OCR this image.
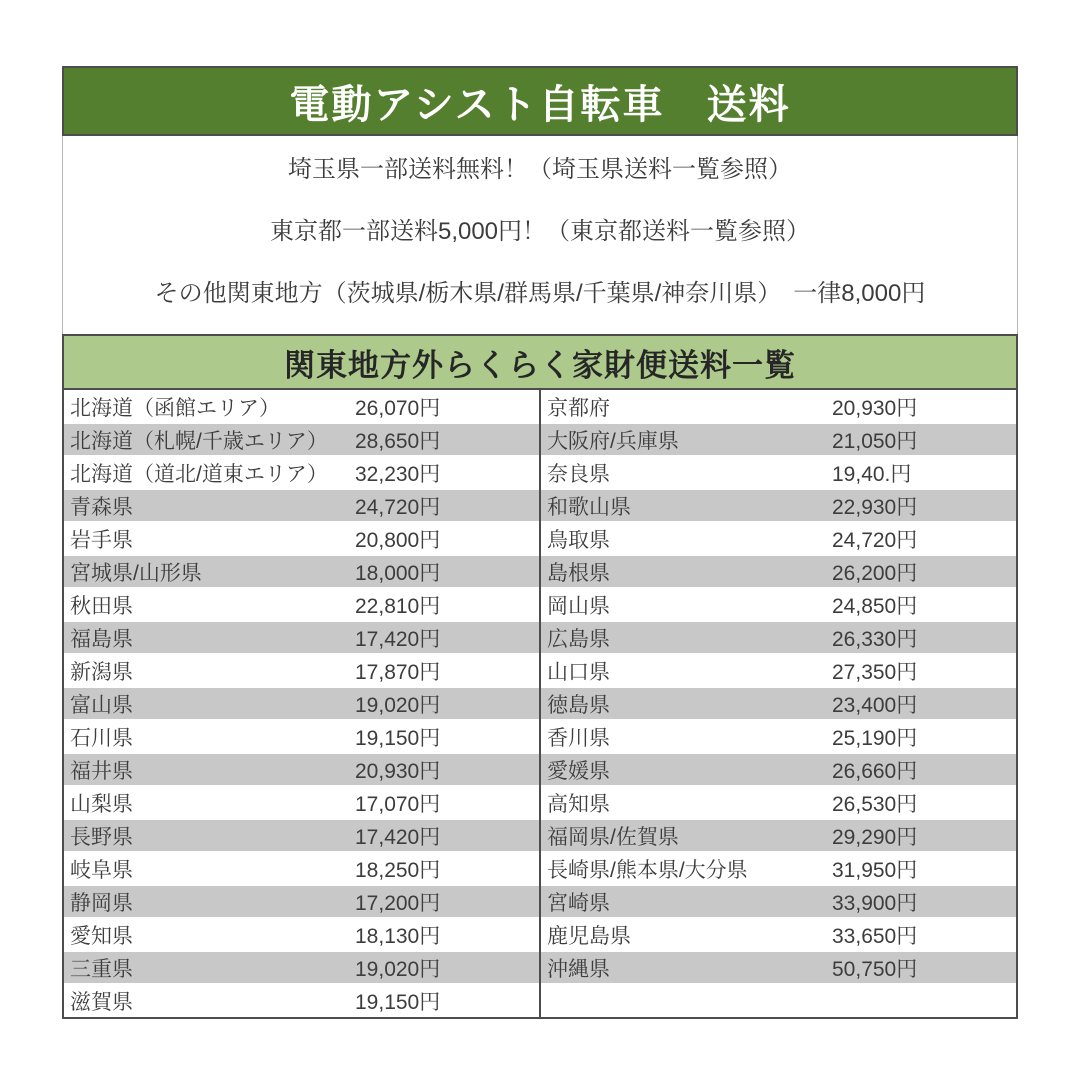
電動アシスト自転車　送料
埼玉県一部送料無料！（埼玉県送料一覧参照）
東京都一部送料5,000円！（東京都送料一覧参照）
その他関東地方（茨城県/栃木県/群馬県/千葉県/神奈川県）　一律8,000円
関東地方外らくらく家財便送料一覧
北海道（函館エリア）	26,070円
北海道（札幌/千歳エリア）	28,650円
北海道（道北/道東エリア）	32,230円
青森県	24,720円
岩手県	20,800円
宮城県/山形県	18,000円
秋田県	22,810円
福島県	17,420円
新潟県	17,870円
富山県	19,020円
石川県	19,150円
福井県	20,930円
山梨県	17,070円
長野県	17,420円
岐阜県	18,250円
静岡県	17,200円
愛知県	18,130円
三重県	19,020円
滋賀県	19,150円
京都府	20,930円
大阪府/兵庫県	21,050円
奈良県	19,40.円
和歌山県	22,930円
鳥取県	24,720円
島根県	26,200円
岡山県	24,850円
広島県	26,330円
山口県	27,350円
徳島県	23,400円
香川県	25,190円
愛媛県	26,660円
高知県	26,530円
福岡県/佐賀県	29,290円
長崎県/熊本県/大分県	31,950円
宮崎県	33,900円
鹿児島県	33,650円
沖縄県	50,750円
